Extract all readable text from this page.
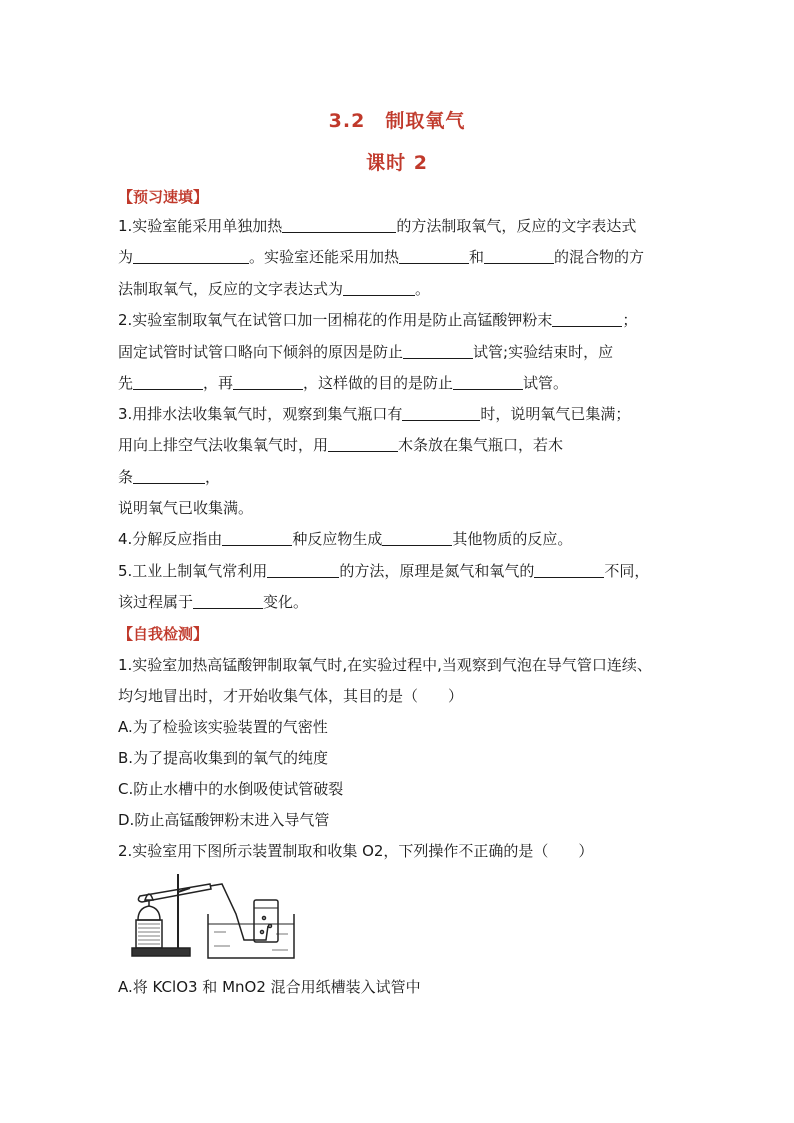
3.2　制取氧气
课时 2
【预习速填】
1.实验室能采用单独加热	的方法制取氧气，反应的文字表达式
为	。实验室还能采用加热	和	的混合物的方
法制取氧气，反应的文字表达式为	。
2.实验室制取氧气在试管口加一团棉花的作用是防止高锰酸钾粉末	；
固定试管时试管口略向下倾斜的原因是防止	试管;实验结束时，应
先	，再	，这样做的目的是防止	试管。
3.用排水法收集氧气时，观察到集气瓶口有	时，说明氧气已集满；
用向上排空气法收集氧气时，用	木条放在集气瓶口，若木
条	，
说明氧气已收集满。
4.分解反应指由	种反应物生成	其他物质的反应。
5.工业上制氧气常利用	的方法，原理是氮气和氧气的	不同，
该过程属于	变化。
【自我检测】
1.实验室加热高锰酸钾制取氧气时,在实验过程中,当观察到气泡在导气管口连续、
均匀地冒出时，才开始收集气体，其目的是（　　）
A.为了检验该实验装置的气密性
B.为了提高收集到的氧气的纯度
C.防止水槽中的水倒吸使试管破裂
D.防止高锰酸钾粉末进入导气管
2.实验室用下图所示装置制取和收集 O2，下列操作不正确的是（　　）
A.将 KClO3 和 MnO2 混合用纸槽装入试管中
